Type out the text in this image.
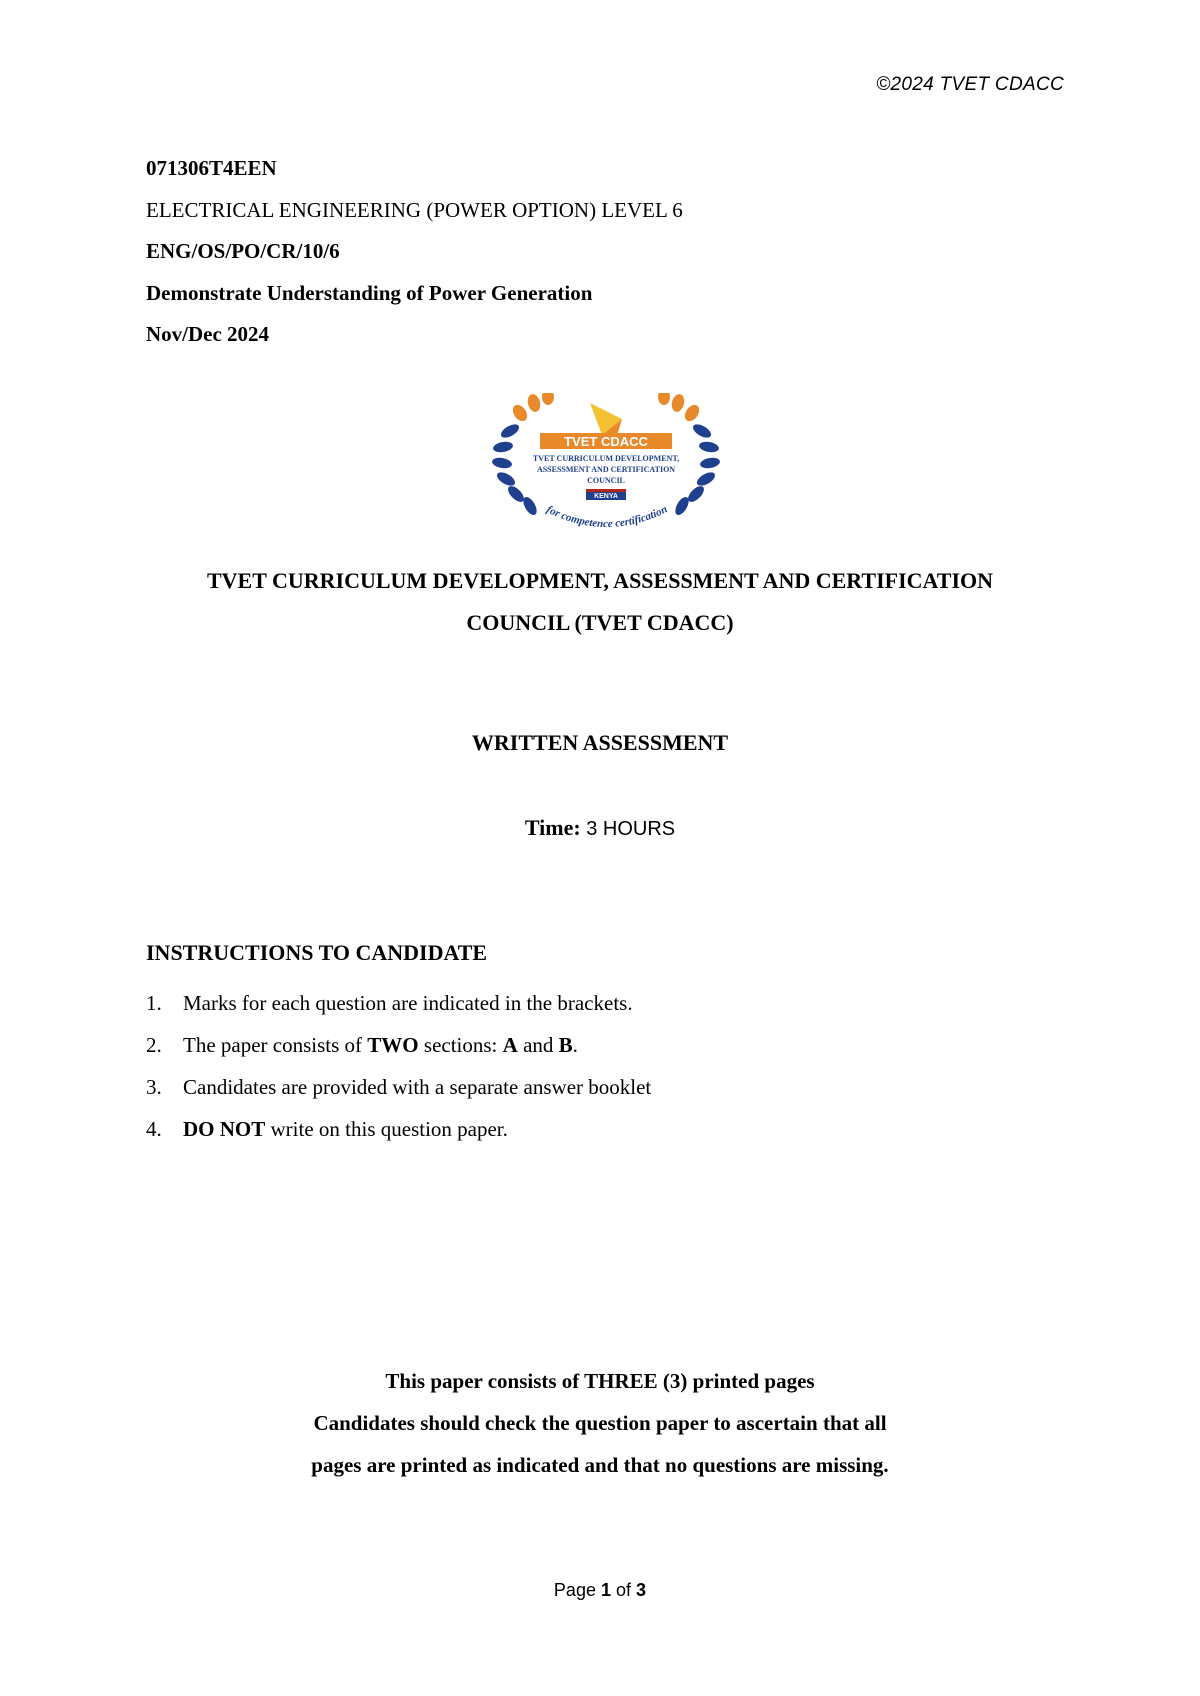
©2024 TVET CDACC
071306T4EEN
ELECTRICAL ENGINEERING (POWER OPTION) LEVEL 6
ENG/OS/PO/CR/10/6
Demonstrate Understanding of Power Generation
Nov/Dec 2024
TVET CDACC
TVET CURRICULUM DEVELOPMENT,
ASSESSMENT AND CERTIFICATION
COUNCIL
KENYA
for competence certification
TVET CURRICULUM DEVELOPMENT, ASSESSMENT AND CERTIFICATION
COUNCIL (TVET CDACC)
WRITTEN ASSESSMENT
Time: 3 HOURS
INSTRUCTIONS TO CANDIDATE
1.	Marks for each question are indicated in the brackets.
2.	The paper consists of TWO sections: A and B.
3.	Candidates are provided with a separate answer booklet
4.	DO NOT write on this question paper.
This paper consists of THREE (3) printed pages
Candidates should check the question paper to ascertain that all
pages are printed as indicated and that no questions are missing.
Page 1 of 3
